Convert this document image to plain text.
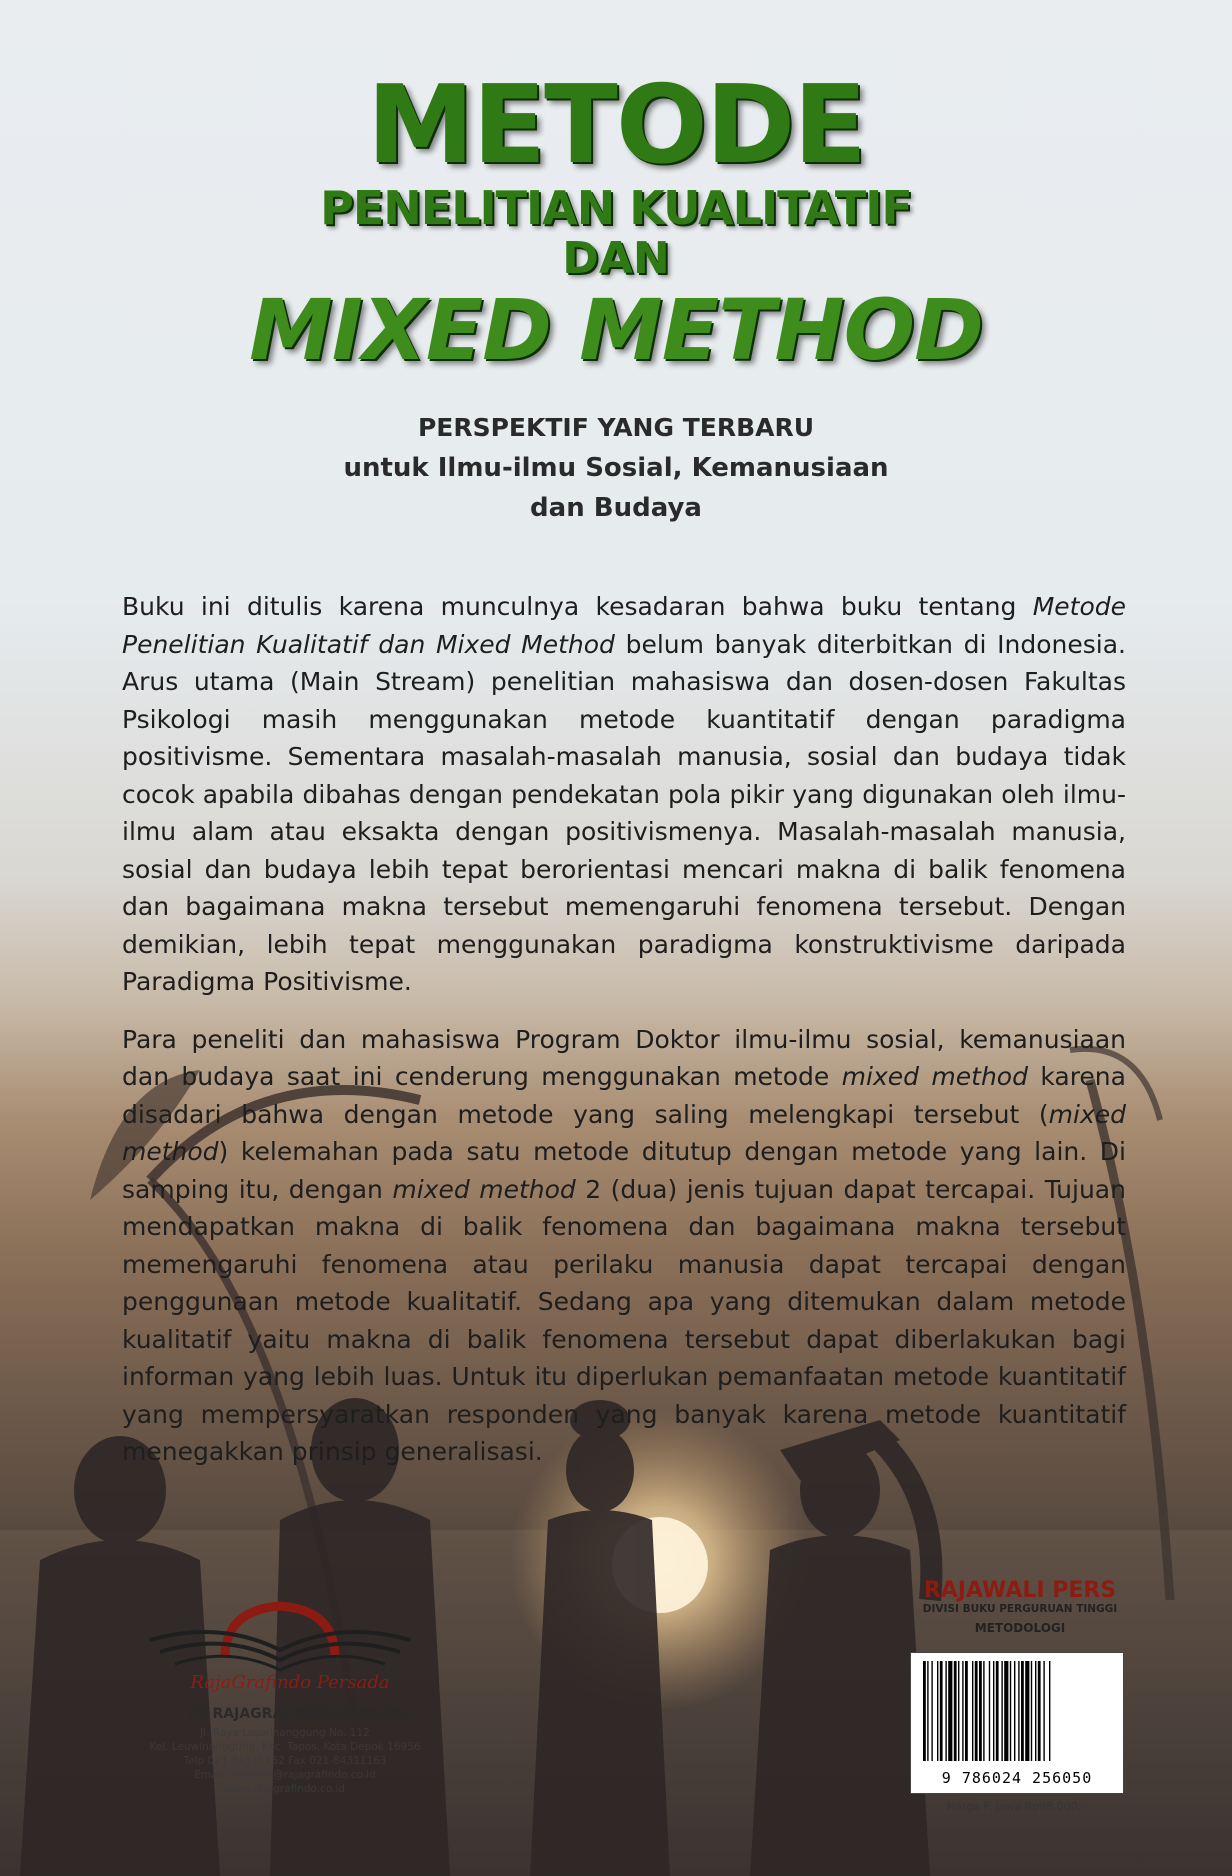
METODE
PENELITIAN KUALITATIF
DAN
MIXED METHOD
PERSPEKTIF YANG TERBARU
untuk Ilmu-ilmu Sosial, Kemanusiaan
dan Budaya

Buku ini ditulis karena munculnya kesadaran bahwa buku tentang Metode Penelitian Kualitatif dan Mixed Method belum banyak diterbitkan di Indonesia. Arus utama (Main Stream) penelitian mahasiswa dan dosen-dosen Fakultas Psikologi masih menggunakan metode kuantitatif dengan paradigma positivisme. Sementara masalah-masalah manusia, sosial dan budaya tidak cocok apabila dibahas dengan pendekatan pola pikir yang digunakan oleh ilmu-ilmu alam atau eksakta dengan positivismenya. Masalah-masalah manusia, sosial dan budaya lebih tepat berorientasi mencari makna di balik fenomena dan bagaimana makna tersebut memengaruhi fenomena tersebut. Dengan demikian, lebih tepat menggunakan paradigma konstruktivisme daripada Paradigma Positivisme.

Para peneliti dan mahasiswa Program Doktor ilmu-ilmu sosial, kemanusiaan dan budaya saat ini cenderung menggunakan metode mixed method karena disadari bahwa dengan metode yang saling melengkapi tersebut (mixed method) kelemahan pada satu metode ditutup dengan metode yang lain. Di samping itu, dengan mixed method 2 (dua) jenis tujuan dapat tercapai. Tujuan mendapatkan makna di balik fenomena dan bagaimana makna tersebut memengaruhi fenomena atau perilaku manusia dapat tercapai dengan penggunaan metode kualitatif. Sedang apa yang ditemukan dalam metode kualitatif yaitu makna di balik fenomena tersebut dapat diberlakukan bagi informan yang lebih luas. Untuk itu diperlukan pemanfaatan metode kuantitatif yang mempersyaratkan responden yang banyak karena metode kuantitatif menegakkan prinsip generalisasi.

RajaGrafindo Persada
PT RAJAGRAFINDO PERSADA
Jl. Raya Leuwinanggung No. 112
Kel. Leuwinanggung, Kec. Tapos, Kota Depok 16956
Telp 021-84311162 Fax 021-84311163
Email: rajapers@rajagrafindo.co.id
www.rajagrafindo.co.id
RAJAWALI PERS
DIVISI BUKU PERGURUAN TINGGI
METODOLOGI
9 786024 256050
Harga P. Jawa Rp98.000,-
